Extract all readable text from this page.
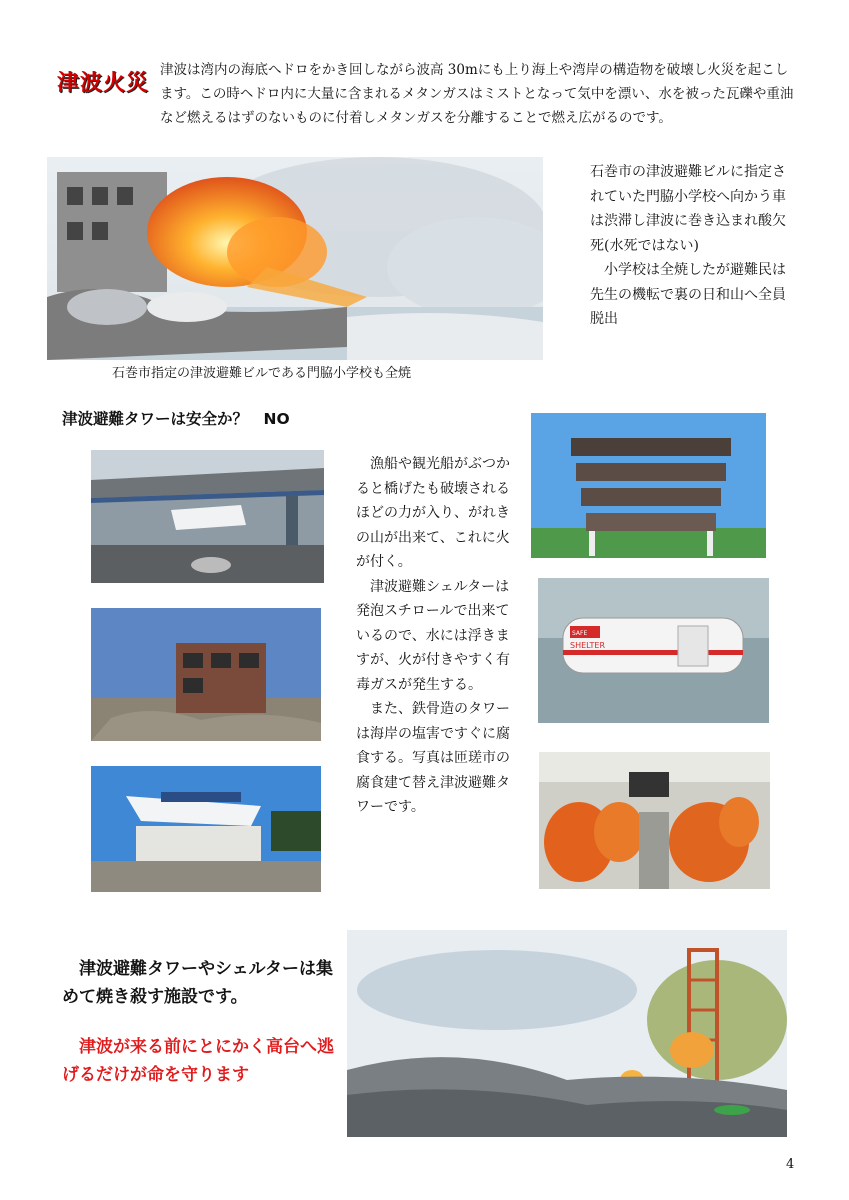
津波火災
津波は湾内の海底へドロをかき回しながら波高 30mにも上り海上や湾岸の構造物を破壊し火災を起こします。この時ヘドロ内に大量に含まれるメタンガスはミストとなって気中を漂い、水を被った瓦礫や重油など燃えるはずのないものに付着しメタンガスを分離することで燃え広がるのです。
石巻市指定の津波避難ビルである門脇小学校も全焼

石巻市の津波避難ビルに指定されていた門脇小学校へ向かう車は渋滞し津波に巻き込まれ酸欠死(水死ではない)

小学校は全焼したが避難民は先生の機転で裏の日和山へ全員脱出

津波避難タワーは安全か？　NO

漁船や観光船がぶつかると橋げたも破壊されるほどの力が入り、がれきの山が出来て、これに火が付く。

津波避難シェルターは発泡スチロールで出来ているので、水には浮きますが、火が付きやすく有毒ガスが発生する。

また、鉄骨造のタワーは海岸の塩害ですぐに腐食する。写真は匝瑳市の腐食建て替え津波避難タワーです。

SHELTER
SAFE

津波避難タワーやシェルターは集めて焼き殺す施設です。

津波が来る前にとにかく高台へ逃げるだけが命を守ります

4
